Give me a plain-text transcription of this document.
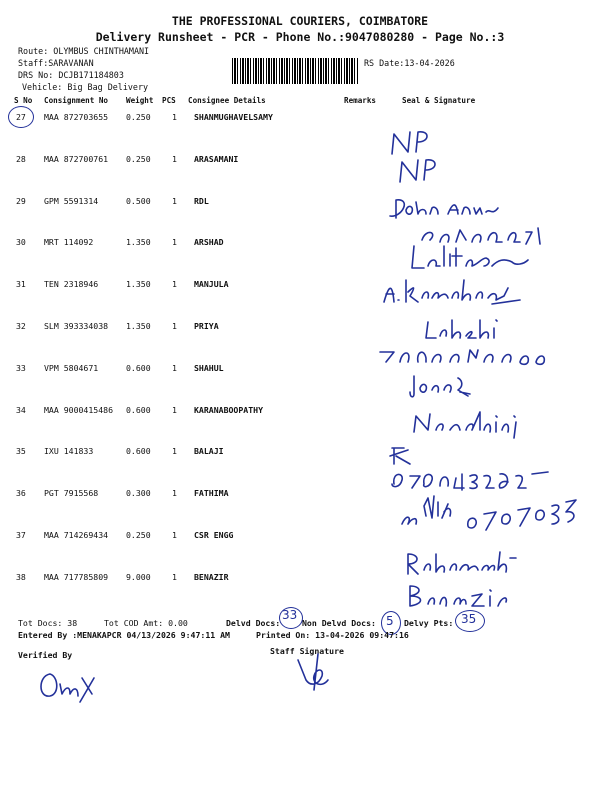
THE PROFESSIONAL COURIERS, COIMBATORE
Delivery Runsheet - PCR - Phone No.:9047080280 - Page No.:3
Route: OLYMBUS CHINTHAMANI
Staff:SARAVANAN
DRS No: DCJB171184803
Vehicle: Big Bag Delivery
RS Date:13-04-2026
S No Consignment No Weight PCS Consignee Details	Remarks	Seal & Signature
27 MAA 872703655 0.250	1 SHANMUGHAVELSAMY
28 MAA 872700761 0.250	1 ARASAMANI
29 GPM 5591314	0.500	1 RDL
30 MRT 114092	1.350	1 ARSHAD
31 TEN 2318946	1.350	1 MANJULA
32 SLM 393334038 1.350	1 PRIYA
33 VPM 5804671	0.600	1 SHAHUL
34 MAA 9000415486 0.600	1 KARANABOOPATHY
35 IXU 141833	0.600	1 BALAJI
36 PGT 7915568	0.300	1 FATHIMA
37 MAA 714269434 0.250	1 CSR ENGG
38 MAA 717785809 9.000	1 BENAZIR
Tot Docs: 38	Tot COD Amt: 0.00	Delvd Docs:	Non Delvd Docs:	Delvy Pts:
33	5	35
Entered By :MENAKAPCR 04/13/2026 9:47:11 AM	Printed On: 13-04-2026 09:47:16
Verified By	Staff Signature
